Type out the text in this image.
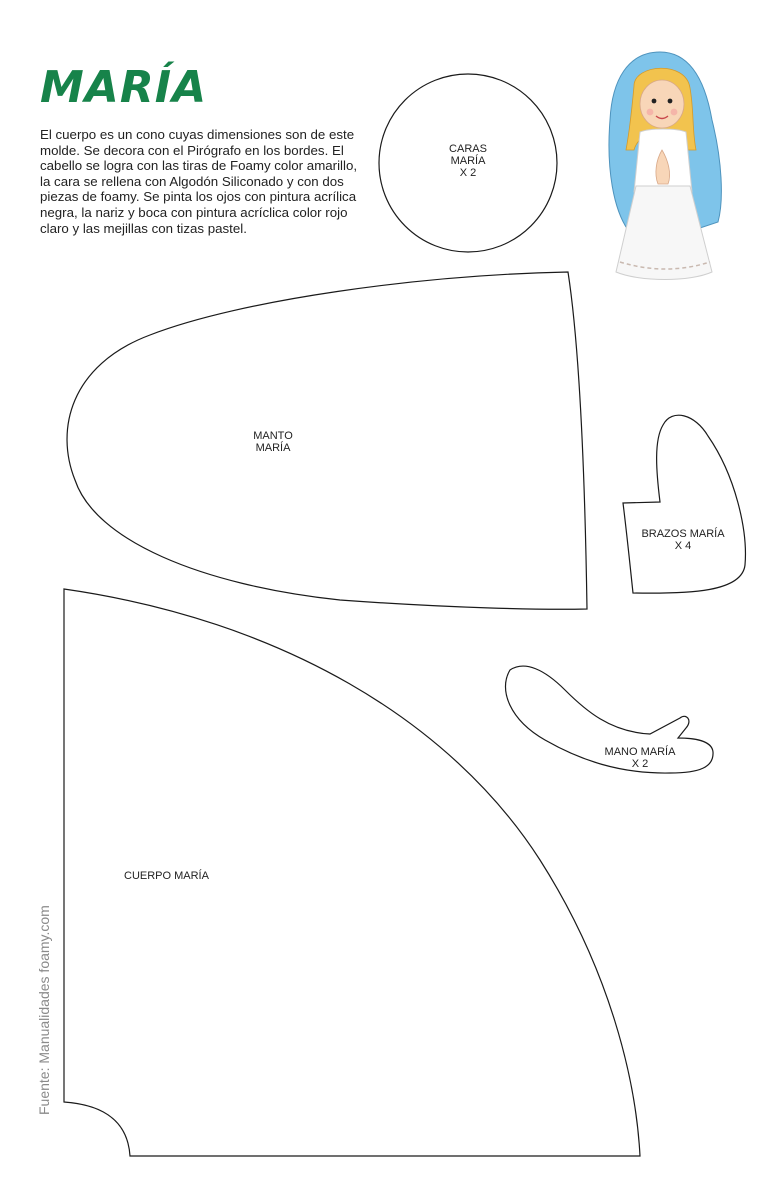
MARÍA

El cuerpo es un cono cuyas dimensiones son de este molde. Se decora con el Pirógrafo en los bordes. El cabello se logra con las tiras de Foamy color amarillo, la cara se rellena con Algodón Siliconado y con dos piezas de foamy. Se pinta los ojos con pintura acrílica negra, la nariz y boca con pintura acríclica color rojo claro y las mejillas con tizas pastel.

CARAS
MARÍA
X 2
MANTO
MARÍA
BRAZOS MARÍA
X 4
MANO MARÍA
X 2
CUERPO MARÍA
Fuente: Manualidades foamy.com
